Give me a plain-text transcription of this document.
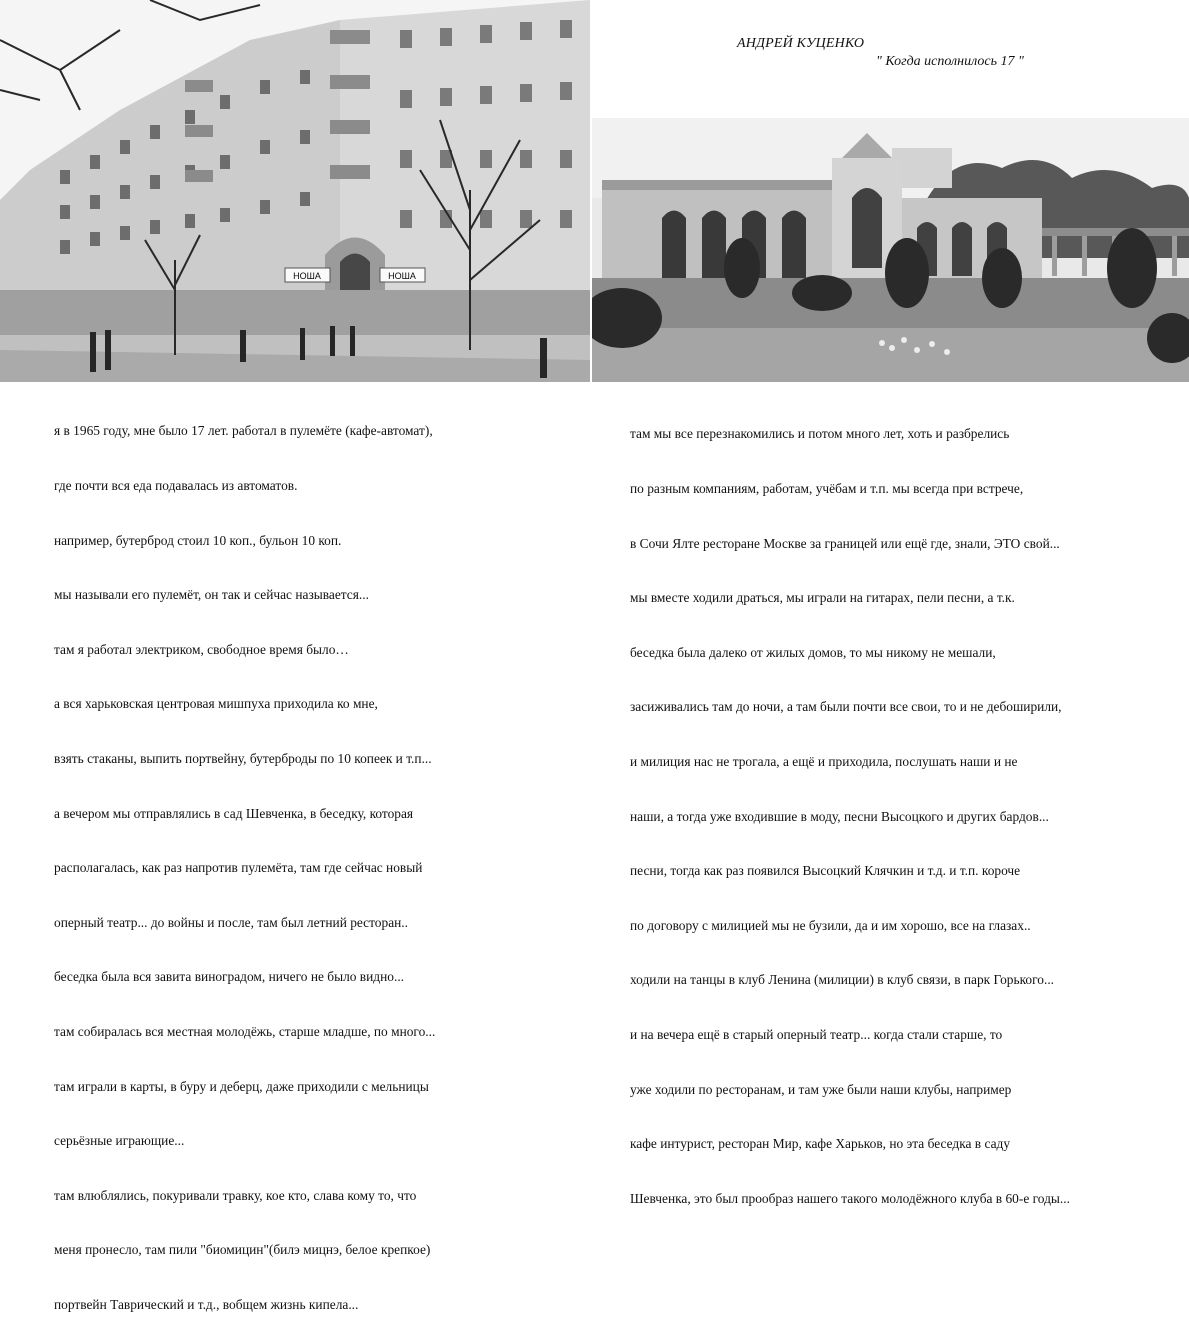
НОША	НОША
АНДРЕЙ КУЦЕНКО
" Когда исполнилось 17 "

я в 1965 году, мне было 17 лет. работал в пулемёте (кафе-автомат),

где почти вся еда подавалась из автоматов.

например, бутерброд стоил 10 коп., бульон 10 коп.

мы называли его пулемёт, он так и сейчас называется...

там я работал электриком, свободное время было…

а вся харьковская центровая мишпуха приходила ко мне,

взять стаканы, выпить портвейну, бутерброды по 10 копеек и т.п...

а вечером мы отправлялись в сад Шевченка, в беседку, которая

располагалась, как раз напротив пулемёта, там где сейчас новый

оперный театр... до войны и после, там был летний ресторан..

беседка была вся завита виноградом, ничего не было видно...

там собиралась вся местная молодёжь, старше младше, по много...

там играли в карты, в буру и деберц, даже приходили с мельницы

серьёзные играющие...

там влюблялись, покуривали травку, кое кто, слава кому то, что

меня пронесло, там пили "биомицин"(билэ мицнэ, белое крепкое)

портвейн Таврический и т.д., вобщем жизнь кипела...

там мы все перезнакомились и потом много лет, хоть и разбрелись

по разным компаниям, работам, учёбам и т.п. мы всегда при встрече,

в Сочи Ялте ресторане Москве за границей или ещё где, знали, ЭТО свой...

мы вместе ходили драться, мы играли на гитарах, пели песни, а т.к.

беседка была далеко от жилых домов, то мы никому не мешали,

засиживались там до ночи, а там были почти все свои, то и не дебоширили,

и милиция нас не трогала, а ещё и приходила, послушать наши и не

наши, а тогда уже входившие в моду, песни Высоцкого и других бардов...

песни, тогда как раз появился Высоцкий Клячкин и т.д. и т.п. короче

по договору с милицией мы не бузили, да и им хорошо, все на глазах..

ходили на танцы в клуб Ленина (милиции) в клуб связи, в парк Горького...

и на вечера ещё в старый оперный театр... когда стали старше, то

уже ходили по ресторанам, и там уже были наши клубы, например

кафе интурист, ресторан Мир, кафе Харьков, но эта беседка в саду

Шевченка, это был прообраз нашего такого молодёжного клуба в 60-е годы...
